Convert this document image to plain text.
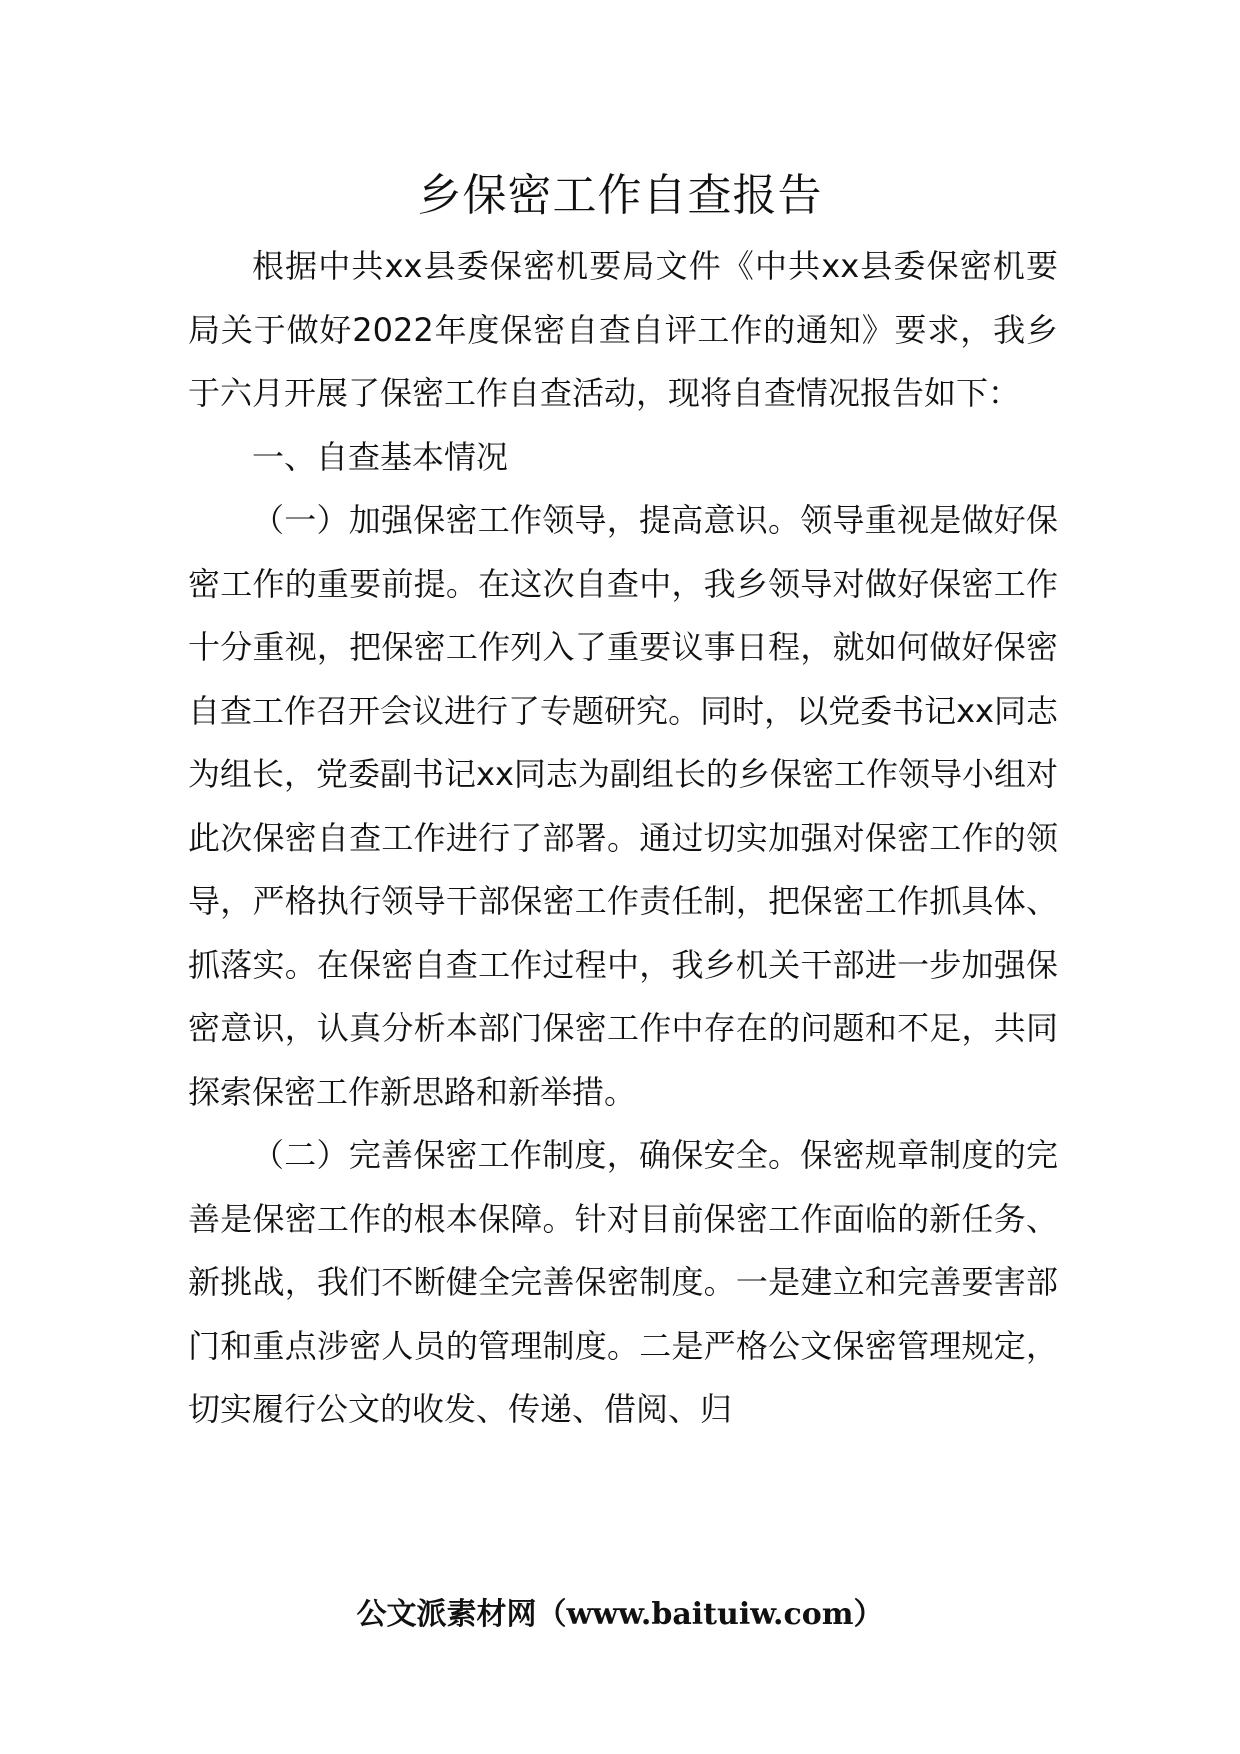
乡保密工作自查报告

根据中共xx县委保密机要局文件《中共xx县委保密机要局关于做好2022年度保密自查自评工作的通知》要求，我乡于六月开展了保密工作自查活动，现将自查情况报告如下：

一、自查基本情况

（一）加强保密工作领导，提高意识。领导重视是做好保密工作的重要前提。在这次自查中，我乡领导对做好保密工作十分重视，把保密工作列入了重要议事日程，就如何做好保密自查工作召开会议进行了专题研究。同时，以党委书记xx同志为组长，党委副书记xx同志为副组长的乡保密工作领导小组对此次保密自查工作进行了部署。通过切实加强对保密工作的领导，严格执行领导干部保密工作责任制，把保密工作抓具体、抓落实。在保密自查工作过程中，我乡机关干部进一步加强保密意识，认真分析本部门保密工作中存在的问题和不足，共同探索保密工作新思路和新举措。

（二）完善保密工作制度，确保安全。保密规章制度的完善是保密工作的根本保障。针对目前保密工作面临的新任务、新挑战，我们不断健全完善保密制度。一是建立和完善要害部门和重点涉密人员的管理制度。二是严格公文保密管理规定，切实履行公文的收发、传递、借阅、归

公文派素材网（www.baituiw.com）
